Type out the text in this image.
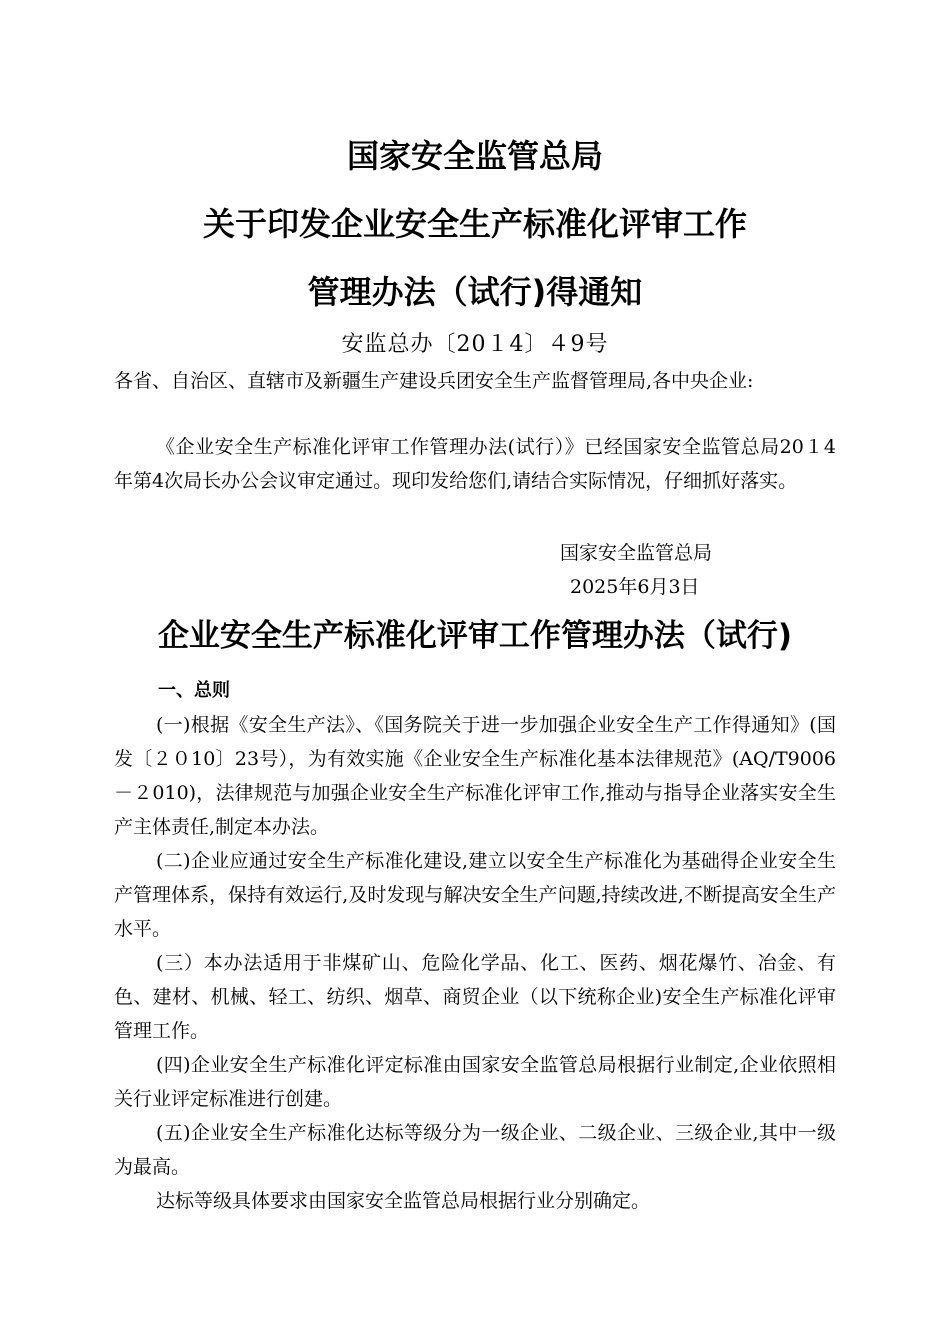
国家安全监管总局
关于印发企业安全生产标准化评审工作
管理办法（试行)得通知
安监总办〔20１4〕４9号
各省、自治区、直辖市及新疆生产建设兵团安全生产监督管理局,各中央企业:
《企业安全生产标准化评审工作管理办法(试行）》已经国家安全监管总局20１4年第4次局长办公会议审定通过。现印发给您们,请结合实际情况，仔细抓好落实。
国家安全监管总局
2025年6月3日
企业安全生产标准化评审工作管理办法（试行)
一、总则
(一)根据《安全生产法》、《国务院关于进一步加强企业安全生产工作得通知》(国发〔２０10〕23号），为有效实施《企业安全生产标准化基本法律规范》(AQ/T9006－２010)，法律规范与加强企业安全生产标准化评审工作,推动与指导企业落实安全生产主体责任,制定本办法。
(二)企业应通过安全生产标准化建设,建立以安全生产标准化为基础得企业安全生产管理体系，保持有效运行,及时发现与解决安全生产问题,持续改进,不断提高安全生产水平。
(三）本办法适用于非煤矿山、危险化学品、化工、医药、烟花爆竹、冶金、有色、建材、机械、轻工、纺织、烟草、商贸企业（以下统称企业)安全生产标准化评审管理工作。
(四)企业安全生产标准化评定标准由国家安全监管总局根据行业制定,企业依照相关行业评定标准进行创建。
(五)企业安全生产标准化达标等级分为一级企业、二级企业、三级企业,其中一级为最高。
达标等级具体要求由国家安全监管总局根据行业分别确定。
